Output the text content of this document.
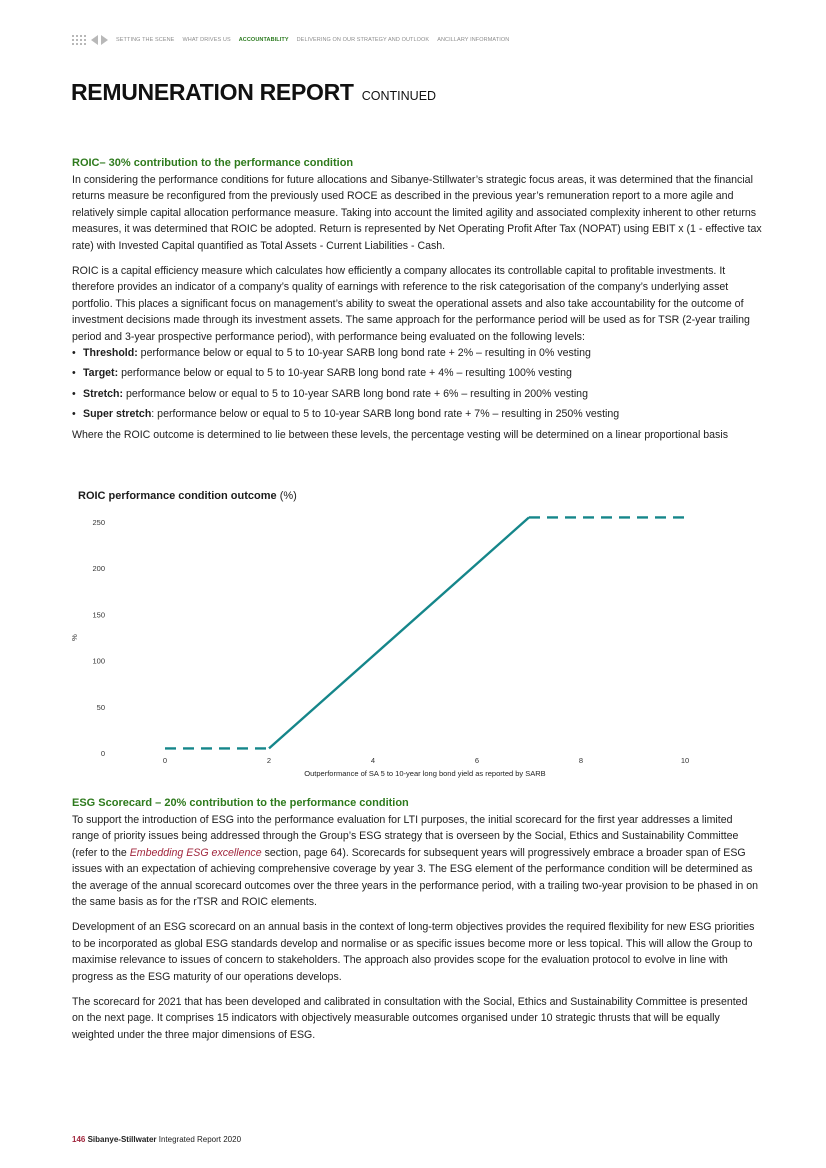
SETTING THE SCENE WHAT DRIVES US ACCOUNTABILITY DELIVERING ON OUR STRATEGY AND OUTLOOK ANCILLARY INFORMATION
REMUNERATION REPORT CONTINUED
ROIC– 30% contribution to the performance condition

In considering the performance conditions for future allocations and Sibanye-Stillwater’s strategic focus areas, it was determined that the financial returns measure be reconfigured from the previously used ROCE as described in the previous year’s remuneration report to a more agile and relatively simple capital allocation performance measure. Taking into account the limited agility and associated complexity inherent to other returns measures, it was determined that ROIC be adopted. Return is represented by Net Operating Profit After Tax (NOPAT) using EBIT x (1 - effective tax rate) with Invested Capital quantified as Total Assets - Current Liabilities - Cash.

ROIC is a capital efficiency measure which calculates how efficiently a company allocates its controllable capital to profitable investments. It therefore provides an indicator of a company’s quality of earnings with reference to the risk categorisation of the company’s underlying asset portfolio. This places a significant focus on management’s ability to sweat the operational assets and also take accountability for the outcome of investment decisions made through its investment assets. The same approach for the performance period will be used as for TSR (2-year trailing period and 3-year prospective performance period), with performance being evaluated on the following levels:

• Threshold: performance below or equal to 5 to 10-year SARB long bond rate + 2% – resulting in 0% vesting
• Target: performance below or equal to 5 to 10-year SARB long bond rate + 4% – resulting 100% vesting
• Stretch: performance below or equal to 5 to 10-year SARB long bond rate + 6% – resulting in 200% vesting
• Super stretch: performance below or equal to 5 to 10-year SARB long bond rate + 7% – resulting in 250% vesting

Where the ROIC outcome is determined to lie between these levels, the percentage vesting will be determined on a linear proportional basis

ROIC performance condition outcome (%)
0
50
100
150
200
250
0	2	4	6	8	10
%
Outperformance of SA 5 to 10-year long bond yield as reported by SARB
ESG Scorecard – 20% contribution to the performance condition

To support the introduction of ESG into the performance evaluation for LTI purposes, the initial scorecard for the first year addresses a limited range of priority issues being addressed through the Group’s ESG strategy that is overseen by the Social, Ethics and Sustainability Committee (refer to the Embedding ESG excellence section, page 64). Scorecards for subsequent years will progressively embrace a broader span of ESG issues with an expectation of achieving comprehensive coverage by year 3. The ESG element of the performance condition will be determined as the average of the annual scorecard outcomes over the three years in the performance period, with a trailing two-year provision to be phased in on the same basis as for the rTSR and ROIC elements.

Development of an ESG scorecard on an annual basis in the context of long-term objectives provides the required flexibility for new ESG priorities to be incorporated as global ESG standards develop and normalise or as specific issues become more or less topical. This will allow the Group to maximise relevance to issues of concern to stakeholders. The approach also provides scope for the evaluation protocol to evolve in line with progress as the ESG maturity of our operations develops.

The scorecard for 2021 that has been developed and calibrated in consultation with the Social, Ethics and Sustainability Committee is presented on the next page. It comprises 15 indicators with objectively measurable outcomes organised under 10 strategic thrusts that will be equally weighted under the three major dimensions of ESG.

146 Sibanye-Stillwater Integrated Report 2020
